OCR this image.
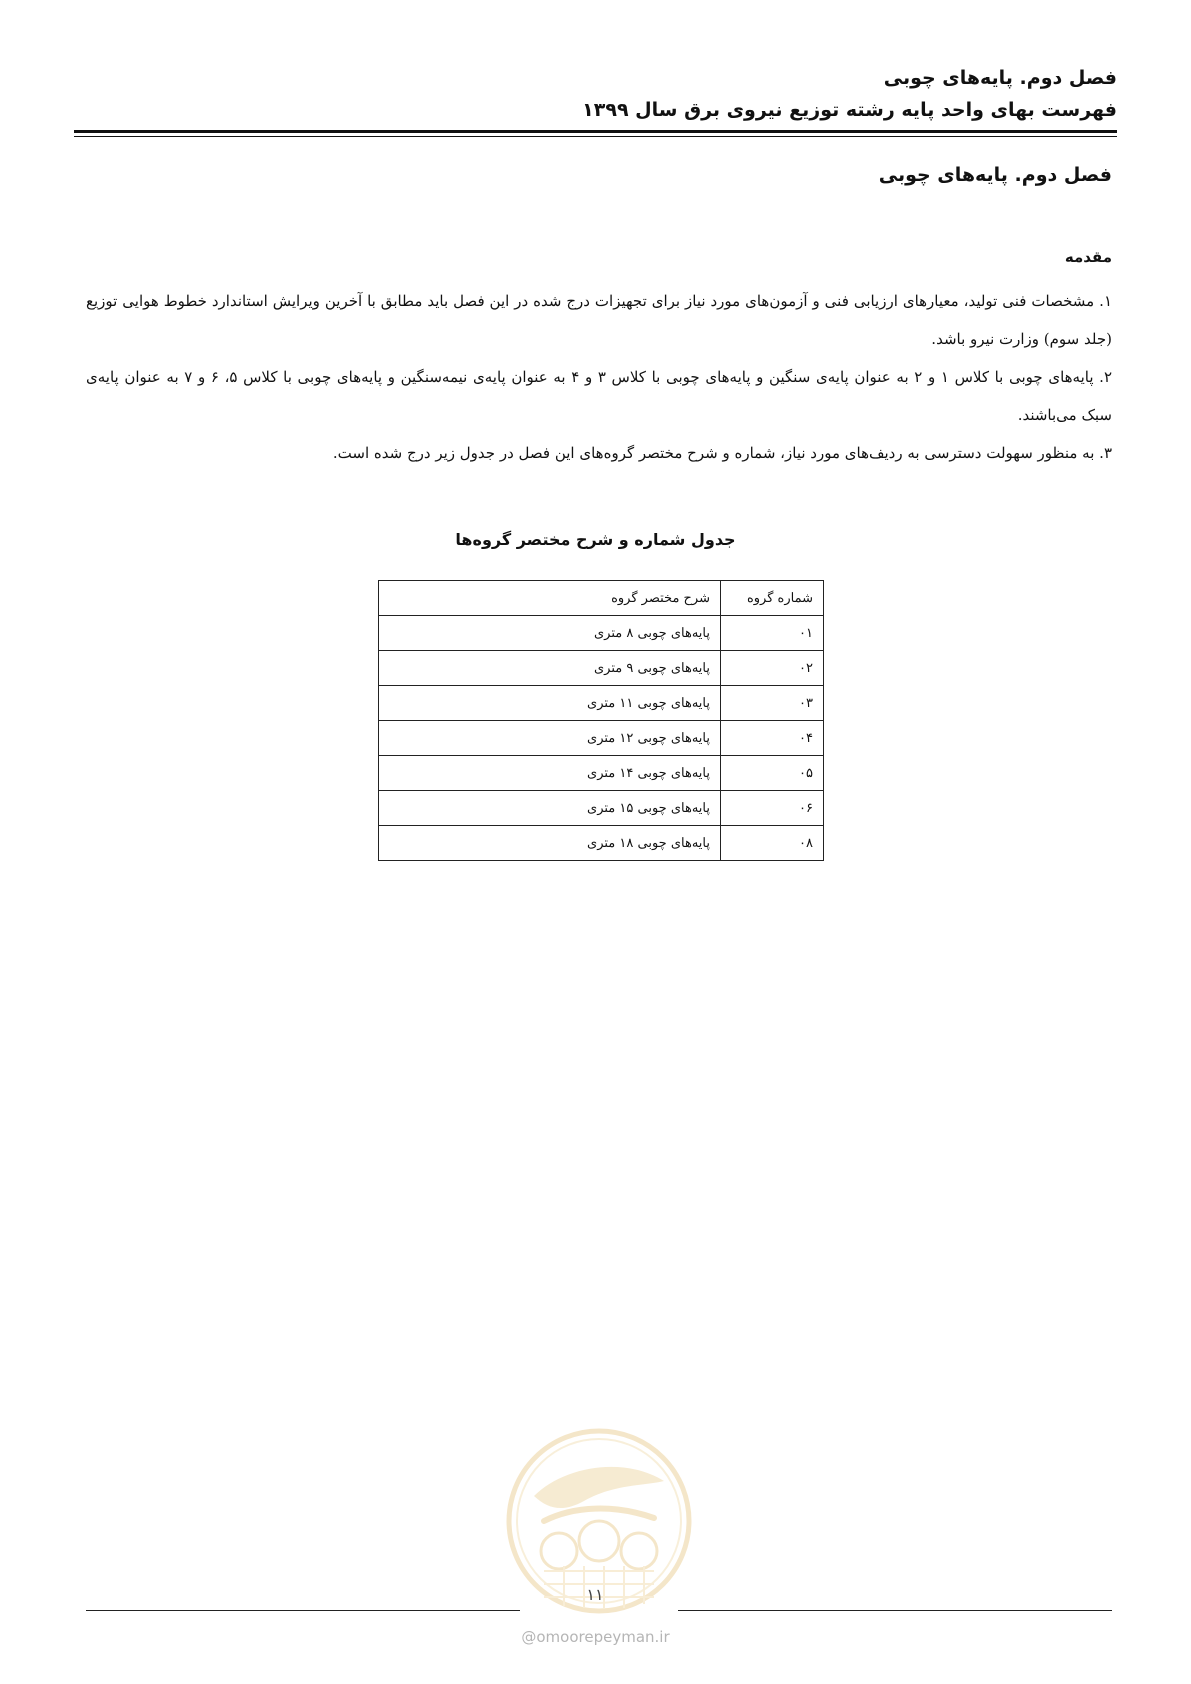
فصل دوم. پایه‌های چوبی
فهرست بهای واحد پایه رشته توزیع نیروی برق سال ۱۳۹۹
فصل دوم. پایه‌های چوبی
مقدمه

۱. مشخصات فنی تولید، معیارهای ارزیابی فنی و آزمون‌های مورد نیاز برای تجهیزات درج شده در این فصل باید مطابق با آخرین ویرایش استاندارد خطوط هوایی توزیع (جلد سوم) وزارت نیرو باشد.

۲. پایه‌های چوبی با کلاس ۱ و ۲ به عنوان پایه‌ی سنگین و پایه‌های چوبی با کلاس ۳ و ۴ به عنوان پایه‌ی نیمه‌سنگین و پایه‌های چوبی با کلاس ۵، ۶ و ۷ به عنوان پایه‌ی سبک می‌باشند.

۳. به منظور سهولت دسترسی به ردیف‌های مورد نیاز، شماره و شرح مختصر گروه‌های این فصل در جدول زیر درج شده است.

جدول شماره و شرح مختصر گروه‌ها
شماره گروه	شرح مختصر گروه
۰۱	پایه‌های چوبی ۸ متری
۰۲	پایه‌های چوبی ۹ متری
۰۳	پایه‌های چوبی ۱۱ متری
۰۴	پایه‌های چوبی ۱۲ متری
۰۵	پایه‌های چوبی ۱۴ متری
۰۶	پایه‌های چوبی ۱۵ متری
۰۸	پایه‌های چوبی ۱۸ متری
۱۱
@omoorepeyman.ir
